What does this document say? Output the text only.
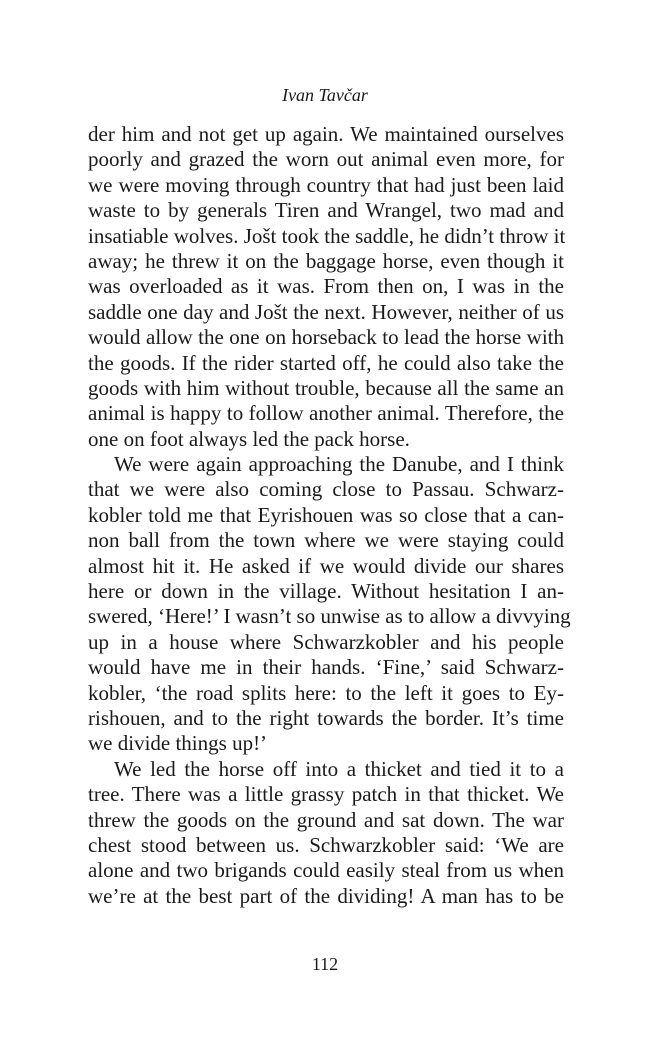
Ivan Tavčar
der him and not get up again. We maintained ourselves
poorly and grazed the worn out animal even more, for
we were moving through country that had just been laid
waste to by generals Tiren and Wrangel, two mad and
insatiable wolves. Jošt took the saddle, he didn’t throw it
away; he threw it on the baggage horse, even though it
was overloaded as it was. From then on, I was in the
saddle one day and Jošt the next. However, neither of us
would allow the one on horseback to lead the horse with
the goods. If the rider started off, he could also take the
goods with him without trouble, because all the same an
animal is happy to follow another animal. Therefore, the
one on foot always led the pack horse.
We were again approaching the Danube, and I think
that we were also coming close to Passau. Schwarz-
kobler told me that Eyrishouen was so close that a can-
non ball from the town where we were staying could
almost hit it. He asked if we would divide our shares
here or down in the village. Without hesitation I an-
swered, ‘Here!’ I wasn’t so unwise as to allow a divvying
up in a house where Schwarzkobler and his people
would have me in their hands. ‘Fine,’ said Schwarz-
kobler, ‘the road splits here: to the left it goes to Ey-
rishouen, and to the right towards the border. It’s time
we divide things up!’
We led the horse off into a thicket and tied it to a
tree. There was a little grassy patch in that thicket. We
threw the goods on the ground and sat down. The war
chest stood between us. Schwarzkobler said: ‘We are
alone and two brigands could easily steal from us when
we’re at the best part of the dividing! A man has to be
112
